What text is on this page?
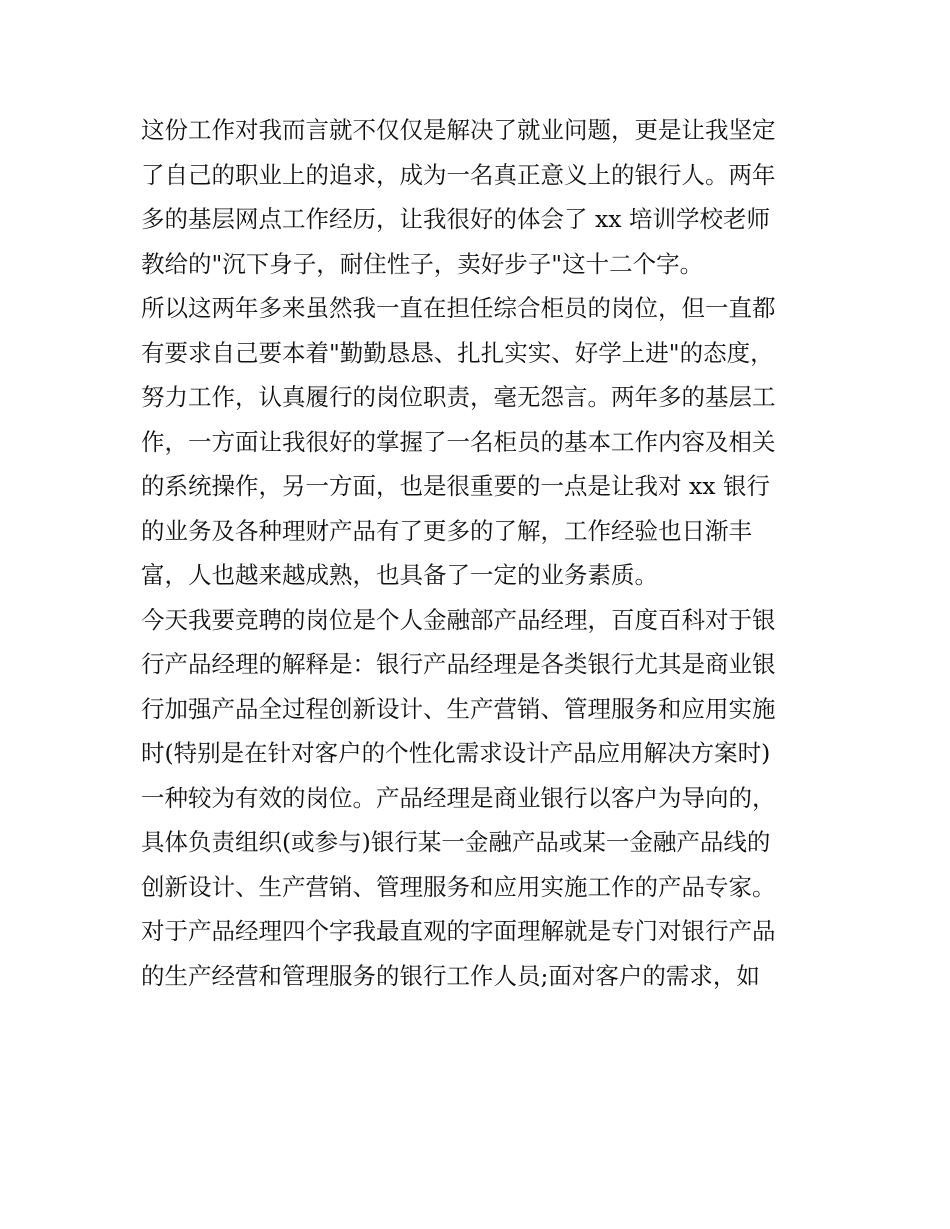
这份工作对我而言就不仅仅是解决了就业问题，更是让我坚定
了自己的职业上的追求，成为一名真正意义上的银行人。两年
多的基层网点工作经历，让我很好的体会了 xx 培训学校老师
教给的"沉下身子，耐住性子，卖好步子"这十二个字。
所以这两年多来虽然我一直在担任综合柜员的岗位，但一直都
有要求自己要本着"勤勤恳恳、扎扎实实、好学上进"的态度，
努力工作，认真履行的岗位职责，毫无怨言。两年多的基层工
作，一方面让我很好的掌握了一名柜员的基本工作内容及相关
的系统操作，另一方面，也是很重要的一点是让我对 xx 银行
的业务及各种理财产品有了更多的了解，工作经验也日渐丰
富，人也越来越成熟，也具备了一定的业务素质。
今天我要竞聘的岗位是个人金融部产品经理，百度百科对于银
行产品经理的解释是：银行产品经理是各类银行尤其是商业银
行加强产品全过程创新设计、生产营销、管理服务和应用实施
时(特别是在针对客户的个性化需求设计产品应用解决方案时)
一种较为有效的岗位。产品经理是商业银行以客户为导向的，
具体负责组织(或参与)银行某一金融产品或某一金融产品线的
创新设计、生产营销、管理服务和应用实施工作的产品专家。
对于产品经理四个字我最直观的字面理解就是专门对银行产品
的生产经营和管理服务的银行工作人员;面对客户的需求，如
